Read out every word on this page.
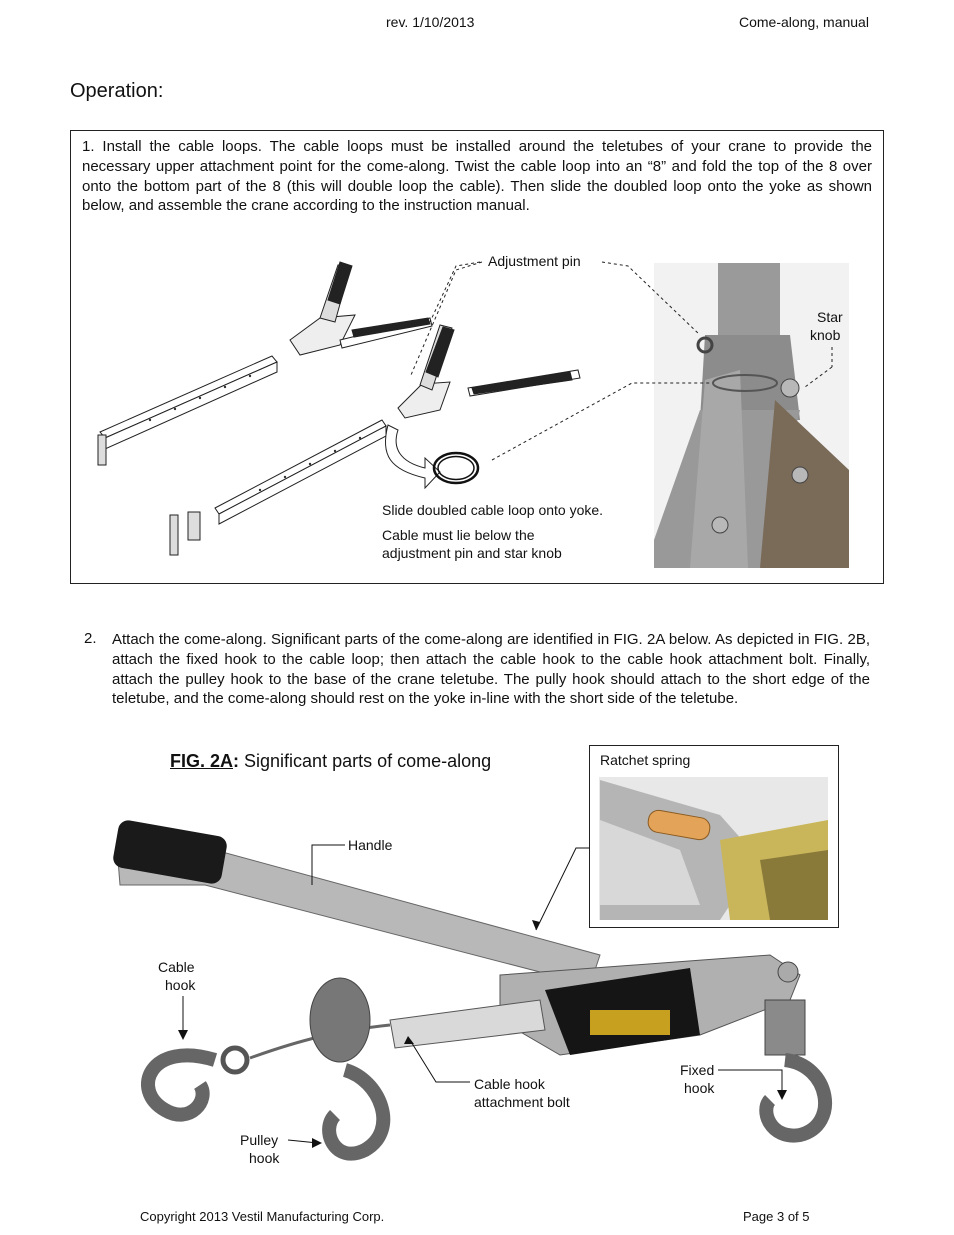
rev. 1/10/2013	Come-along, manual
Operation:
1. Install the cable loops. The cable loops must be installed around the teletubes of your crane to provide the necessary upper attachment point for the come-along. Twist the cable loop into an “8” and fold the top of the 8 over onto the bottom part of the 8 (this will double loop the cable). Then slide the doubled loop onto the yoke as shown below, and assemble the crane according to the instruction manual.
Adjustment pin
Star
knob
Slide doubled cable loop onto yoke.
Cable must lie below the
adjustment pin and star knob
2. Attach the come-along. Significant parts of the come-along are identified in FIG. 2A below. As depicted in FIG. 2B, attach the fixed hook to the cable loop; then attach the cable hook to the cable hook attachment bolt. Finally, attach the pulley hook to the base of the crane teletube. The pully hook should attach to the short edge of the teletube, and the come-along should rest on the yoke in-line with the short side of the teletube.
FIG. 2A: Significant parts of come-along	Ratchet spring
Handle
Cable
hook
Cable hook
attachment bolt
Fixed
hook
Pulley
hook
Copyright 2013 Vestil Manufacturing Corp.	Page 3 of 5
